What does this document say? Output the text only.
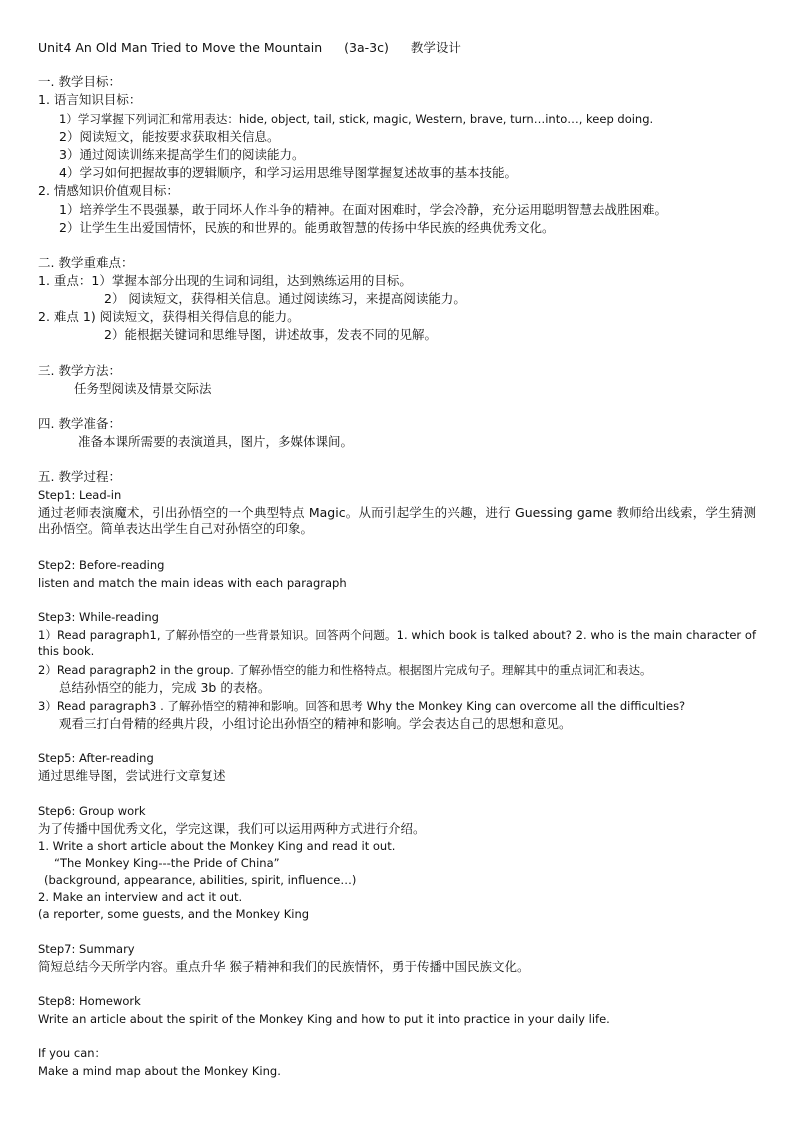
Unit4 An Old Man Tried to Move the Mountain (3a-3c) 教学设计
一. 教学目标：
1. 语言知识目标：
1）学习掌握下列词汇和常用表达：hide, object, tail, stick, magic, Western, brave, turn…into…, keep doing.
2）阅读短文，能按要求获取相关信息。
3）通过阅读训练来提高学生们的阅读能力。
4）学习如何把握故事的逻辑顺序，和学习运用思维导图掌握复述故事的基本技能。
2. 情感知识价值观目标：
1）培养学生不畏强暴，敢于同坏人作斗争的精神。在面对困难时，学会冷静，充分运用聪明智慧去战胜困难。
2）让学生生出爱国情怀，民族的和世界的。能勇敢智慧的传扬中华民族的经典优秀文化。
二. 教学重难点：
1. 重点：1）掌握本部分出现的生词和词组，达到熟练运用的目标。
2） 阅读短文，获得相关信息。通过阅读练习，来提高阅读能力。
2. 难点 1) 阅读短文，获得相关得信息的能力。
2）能根据关键词和思维导图，讲述故事，发表不同的见解。
三. 教学方法：
任务型阅读及情景交际法
四. 教学准备：
准备本课所需要的表演道具，图片，多媒体课间。
五. 教学过程：
Step1: Lead-in
通过老师表演魔术，引出孙悟空的一个典型特点 Magic。从而引起学生的兴趣，进行 Guessing game 教师给出线索，学生猜测出孙悟空。简单表达出学生自己对孙悟空的印象。
Step2: Before-reading
listen and match the main ideas with each paragraph
Step3: While-reading
1）Read paragraph1, 了解孙悟空的一些背景知识。回答两个问题。1. which book is talked about? 2. who is the main character of this book.
2）Read paragraph2 in the group. 了解孙悟空的能力和性格特点。根据图片完成句子。理解其中的重点词汇和表达。
总结孙悟空的能力，完成 3b 的表格。
3）Read paragraph3 . 了解孙悟空的精神和影响。回答和思考 Why the Monkey King can overcome all the difficulties?
观看三打白骨精的经典片段，小组讨论出孙悟空的精神和影响。学会表达自己的思想和意见。
Step5: After-reading
通过思维导图，尝试进行文章复述
Step6: Group work
为了传播中国优秀文化，学完这课，我们可以运用两种方式进行介绍。
1. Write a short article about the Monkey King and read it out.
“The Monkey King---the Pride of China”
(background, appearance, abilities, spirit, influence…)
2. Make an interview and act it out.
(a reporter, some guests, and the Monkey King
Step7: Summary
简短总结今天所学内容。重点升华 猴子精神和我们的民族情怀，勇于传播中国民族文化。
Step8: Homework
Write an article about the spirit of the Monkey King and how to put it into practice in your daily life.
If you can：
Make a mind map about the Monkey King.
